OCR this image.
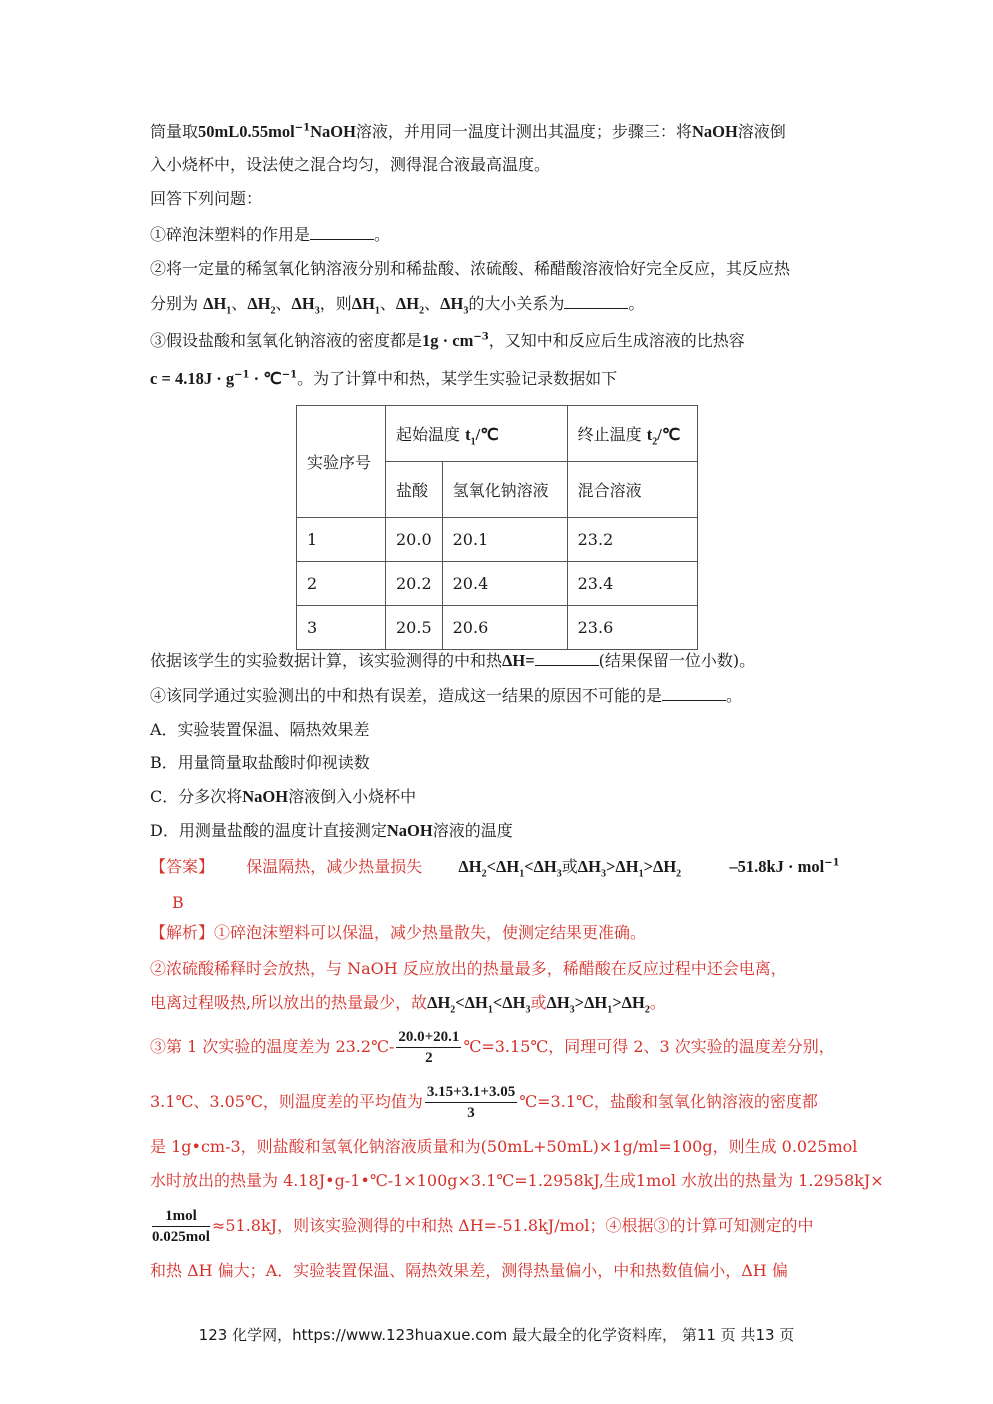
筒量取50mL0.55mol$^{-1}$NaOH溶液，并用同一温度计测出其温度；步骤三：将NaOH溶液倒
入小烧杯中，设法使之混合均匀，测得混合液最高温度。
回答下列问题：
①碎泡沫塑料的作用是	。
②将一定量的稀氢氧化钠溶液分别和稀盐酸、浓硫酸、稀醋酸溶液恰好完全反应，其反应热
分别为 $\Delta H_1$、$\Delta H_2$、$\Delta H_3$，则$\Delta H_1$、$\Delta H_2$、$\Delta H_3$的大小关系为	。
③假设盐酸和氢氧化钠溶液的密度都是$1g \cdot cm^{-3}$，又知中和反应后生成溶液的比热容
$c = 4.18J \cdot g^{-1}$ · ℃$^{-1}$。为了计算中和热，某学生实验记录数据如下
实验序号	起始温度 $t_1/℃$		终止温度 $t_2/℃$
	盐酸	氢氧化钠溶液	混合溶液
1	20.0	20.1	23.2
2	20.2	20.4	23.4
3	20.5	20.6	23.6
依据该学生的实验数据计算，该实验测得的中和热ΔH=	(结果保留一位小数)。
④该同学通过实验测出的中和热有误差，造成这一结果的原因不可能的是	。
A．实验装置保温、隔热效果差
B．用量筒量取盐酸时仰视读数
C．分多次将NaOH溶液倒入小烧杯中
D．用测量盐酸的温度计直接测定NaOH溶液的温度
【答案】 保温隔热，减少热量损失 $\Delta H_2<\Delta H_1<\Delta H_3$或$\Delta H_3>\Delta H_1>\Delta H_2$	–51.8kJ · mol$^{-1}$
B
【解析】①碎泡沫塑料可以保温，减少热量散失，使测定结果更准确。
②浓硫酸稀释时会放热，与 NaOH 反应放出的热量最多，稀醋酸在反应过程中还会电离，
电离过程吸热,所以放出的热量最少，故$\Delta H_2<\Delta H_1<\Delta H_3$或$\Delta H_3>\Delta H_1>\Delta H_2$。
③第 1 次实验的温度差为 23.2℃- $\frac{20.0+20.1}{2}$ ℃=3.15℃，同理可得 2、3 次实验的温度差分别，
3.1℃、3.05℃，则温度差的平均值为 $\frac{3.15+3.1+3.05}{3}$ ℃=3.1℃，盐酸和氢氧化钠溶液的密度都
是 1g•cm-3，则盐酸和氢氧化钠溶液质量和为(50mL+50mL)×1g/ml=100g，则生成 0.025mol
水时放出的热量为 4.18J•g-1•℃-1×100g×3.1℃=1.2958kJ,生成1mol 水放出的热量为 1.2958kJ×
$\frac{\text{1mol}}{\text{0.025mol}} \approx 51.8kJ$，则该实验测得的中和热 ΔH=-51.8kJ/mol；④根据③的计算可知测定的中
和热 ΔH 偏大；A．实验装置保温、隔热效果差，测得热量偏小，中和热数值偏小，ΔH 偏
123 化学网，https://www.123huaxue.com 最大最全的化学资料库， 第11 页 共13 页
